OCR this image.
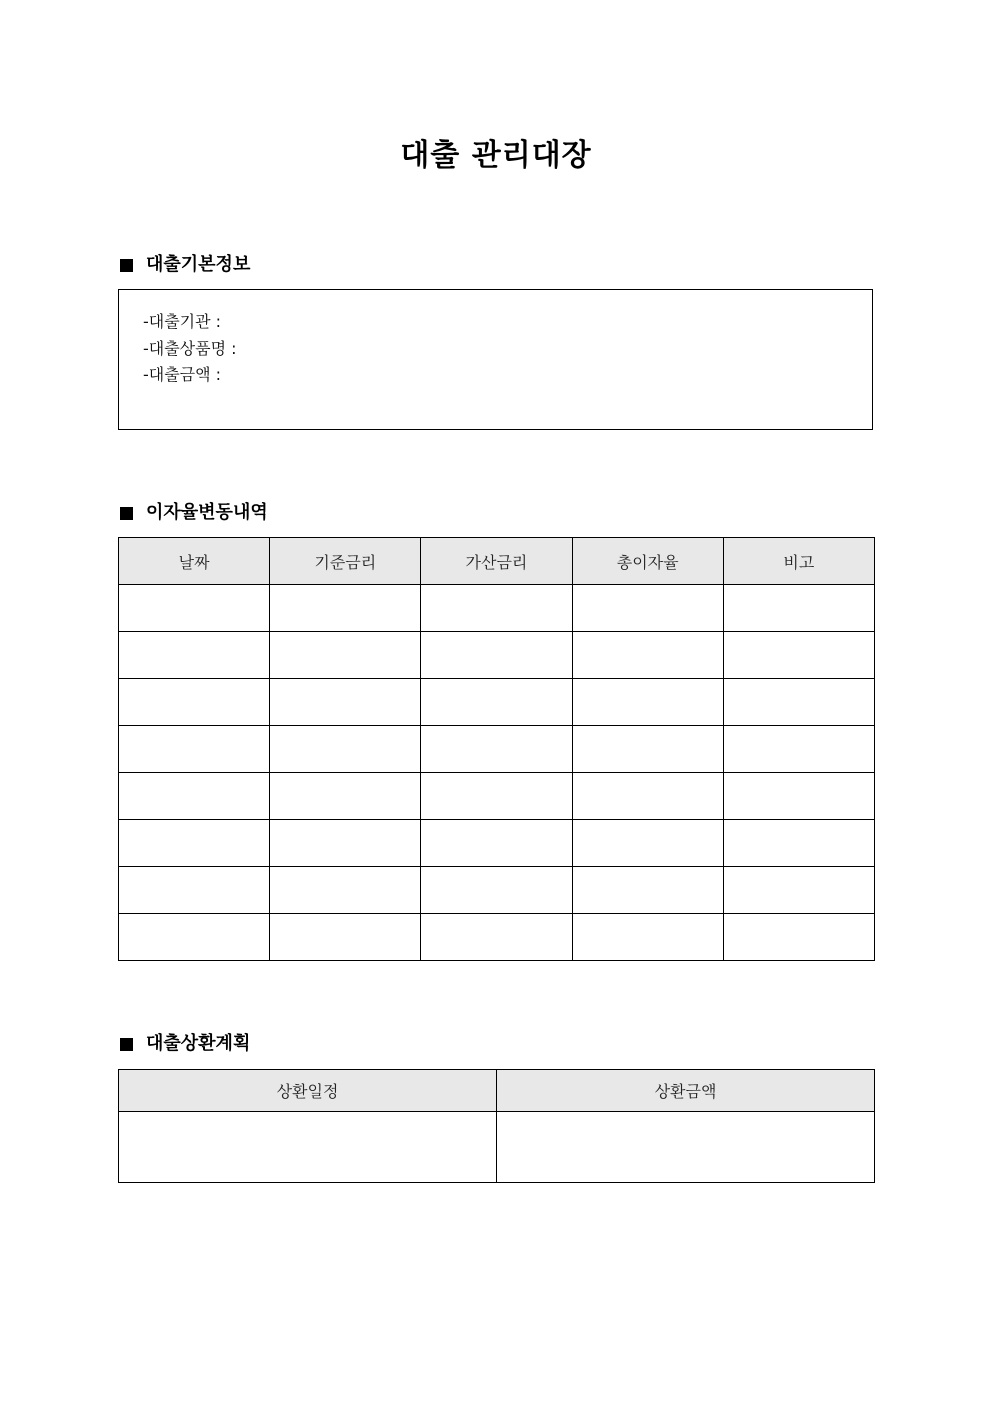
대출 관리대장
대출기본정보
-대출기관 :
-대출상품명 :
-대출금액 :
이자율변동내역
날짜	기준금리	가산금리	총이자율	비고

대출상환계획
상환일정	상환금액
